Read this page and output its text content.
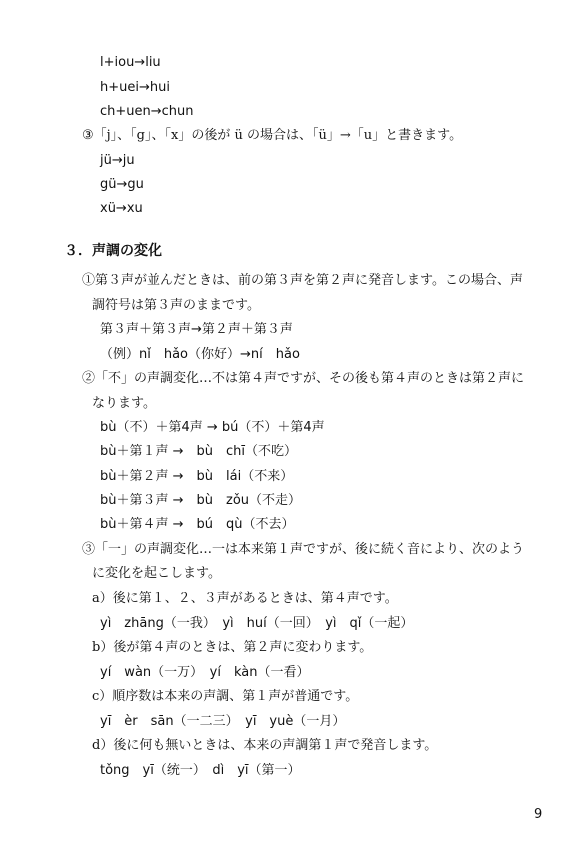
l+iou→liu
h+uei→hui
ch+uen→chun
③「j」、「g」、「x」の後が ü の場合は、「ü」→「u」と書きます。
jü→ju
gü→gu
xü→xu
３．声調の変化
①第３声が並んだときは、前の第３声を第２声に発音します。この場合、声
調符号は第３声のままです。
第３声＋第３声→第２声＋第３声
（例）nǐ　hǎo（你好）→ní　hǎo
②「不」の声調変化…不は第４声ですが、その後も第４声のときは第２声に
なります。
bù（不）＋第4声 → bú（不）＋第4声
bù＋第１声 →　bù　chī（不吃）
bù＋第２声 →　bù　lái（不来）
bù＋第３声 →　bù　zǒu（不走）
bù＋第４声 →　bú　qù（不去）
③「一」の声調変化…一は本来第１声ですが、後に続く音により、次のよう
に変化を起こします。
a）後に第１、２、３声があるときは、第４声です。
yì　zhāng（一我）　yì　huí（一回）　yì　qǐ（一起）
b）後が第４声のときは、第２声に変わります。
yí　wàn（一万）　yí　kàn（一看）
c）順序数は本来の声調、第１声が普通です。
yī　èr　sān（一二三）　yī　yuè（一月）
d）後に何も無いときは、本来の声調第１声で発音します。
tǒng　yī（统一）　dì　yī（第一）
9
